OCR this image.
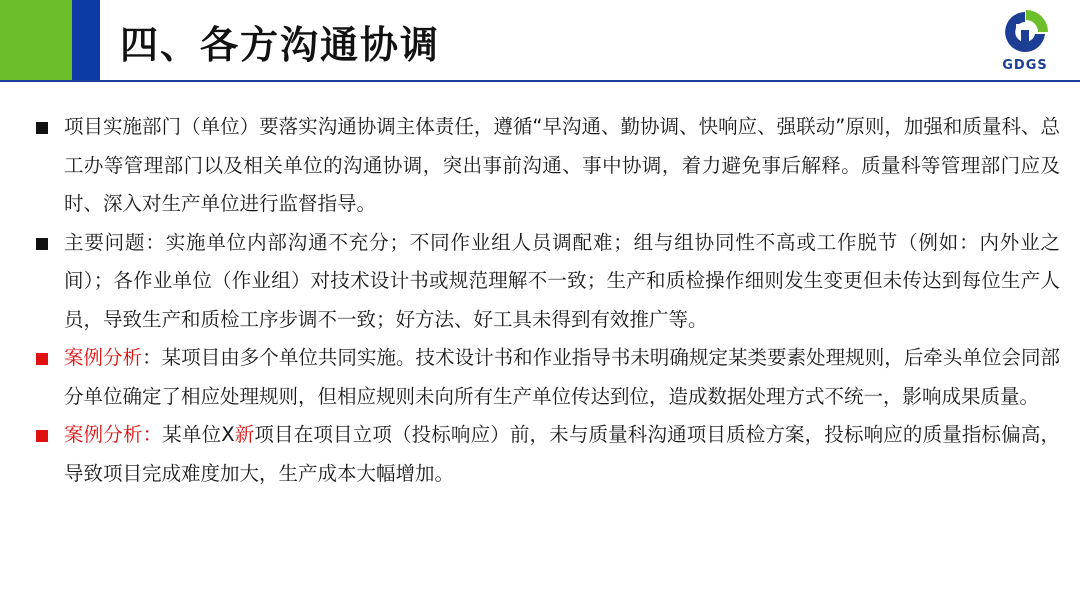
四、各方沟通协调	GDGS
项目实施部门（单位）要落实沟通协调主体责任，遵循“早沟通、勤协调、快响应、强联动”原则，加强和质量科、总工办等管理部门以及相关单位的沟通协调，突出事前沟通、事中协调，着力避免事后解释。质量科等管理部门应及时、深入对生产单位进行监督指导。
主要问题：实施单位内部沟通不充分；不同作业组人员调配难；组与组协同性不高或工作脱节（例如：内外业之间）；各作业单位（作业组）对技术设计书或规范理解不一致；生产和质检操作细则发生变更但未传达到每位生产人员，导致生产和质检工序步调不一致；好方法、好工具未得到有效推广等。
案例分析：某项目由多个单位共同实施。技术设计书和作业指导书未明确规定某类要素处理规则，后牵头单位会同部分单位确定了相应处理规则，但相应规则未向所有生产单位传达到位，造成数据处理方式不统一，影响成果质量。
案例分析：某单位X新项目在项目立项（投标响应）前，未与质量科沟通项目质检方案，投标响应的质量指标偏高，导致项目完成难度加大，生产成本大幅增加。
